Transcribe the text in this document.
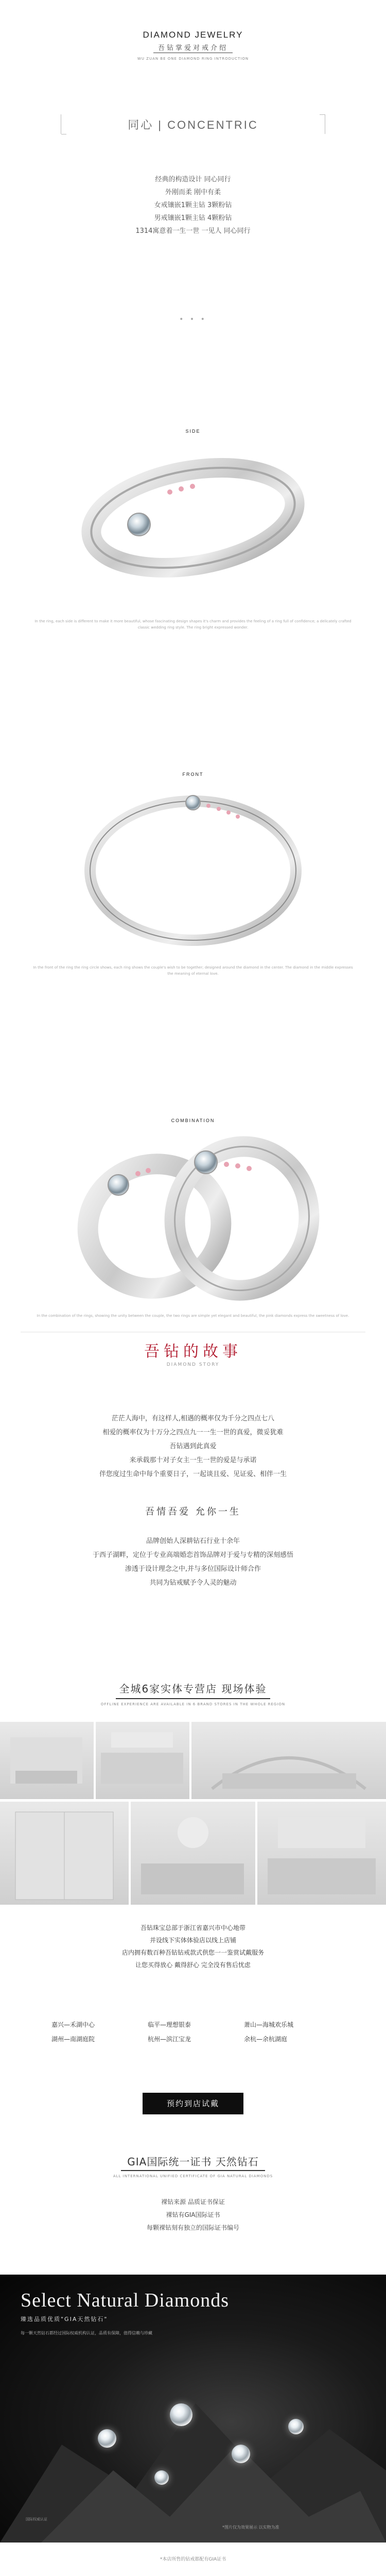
DIAMOND JEWELRY
吾钻掌爱对戒介绍
WU ZUAN BE ONE DIAMOND RING INTRODUCTION
同心 | CONCENTRIC
经典的构造设计 同心同行
外刚而柔 刚中有柔
女戒镶嵌1颗主钻 3颗粉钻
男戒镶嵌1颗主钻 4颗粉钻
1314寓意着一生一世 一见人 同心同行
• • •
SIDE
In the ring, each side is different to make it more beautiful, whose fascinating design shapes it's charm and provides the feeling of a ring full of confidence; a delicately crafted classic wedding ring style. The ring bright expressed wonder.
FRONT
In the front of the ring the ring circle shows, each ring shows the couple's wish to be together; designed around the diamond in the center. The diamond in the middle expresses the meaning of eternal love.
COMBINATION
In the combination of the rings, showing the unity between the couple, the two rings are simple yet elegant and beautiful, the pink diamonds express the sweetness of love.
吾钻的故事
DIAMOND STORY
茫茫人海中，有这样人,相遇的概率仅为千分之四点七八
相爱的概率仅为十万分之四点九一一生一世的真爱，微妥犹难
吾钻遇到此真爱
来承载那十对子女主一生一世的爱是与承诺
伴您度过生命中每个重要日子，一起谈且爱、见证爱、相伴一生
吾情吾爱 允你一生
品牌创始人深耕钻石行业十余年
于西子湖畔，定位于专业高端婚恋首饰品牌对于爱与专精的深刻感悟
渗透于设计理念之中,并与多位国际设计师合作
共同为钻戒赋予令人灵的魅动
全城6家实体专营店 现场体验
OFFLINE EXPERIENCE ARE AVAILABLE IN 6 BRAND STORES IN THE WHOLE REGION
吾钻珠宝总部于浙江省嘉兴市中心地带
并设线下实体体验店以线上店铺
店内拥有数百种吾钻钻戒款式供您一一鉴赏试戴服务
让您买得放心 戴得舒心 完全没有售后忧虑
嘉兴—禾湖中心	临平—理想银泰	萧山—海城欢乐城
湖州—南湖庭院	杭州—滨江宝龙	余杭—余杭湖庭
预约到店试戴
GIA国际统一证书 天然钻石
ALL INTERNATIONAL UNIFIED CERTIFICATE OF GIA NATURAL DIAMONDS
裸钻来源 品质证书保证
裸钻有GIA国际证书
每颗裸钻刻有独立的国际证书编号
Select Natural Diamonds
臻选品质优质"GIA天然钻石"
每一颗天然钻石都经过国际权威机构认证，品质有保障，值得信赖与珍藏
国际权威认证
*图片仅为效果展示 以实物为准
*本店所售的钻戒都配有GIA证书
